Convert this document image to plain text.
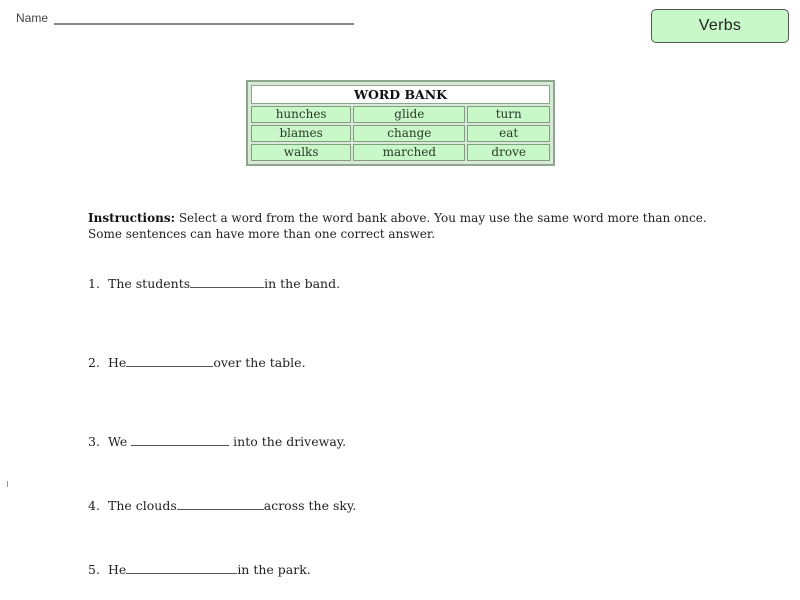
Name	Verbs
WORD BANK		
hunches	glide	turn
blames	change	eat
walks	marched	drove
Instructions: Select a word from the word bank above. You may use the same word more than once. Some sentences can have more than one correct answer.
1. The students	in the band.
2. He	over the table.
3. We	into the driveway.
4. The clouds	across the sky.
5. He	in the park.
